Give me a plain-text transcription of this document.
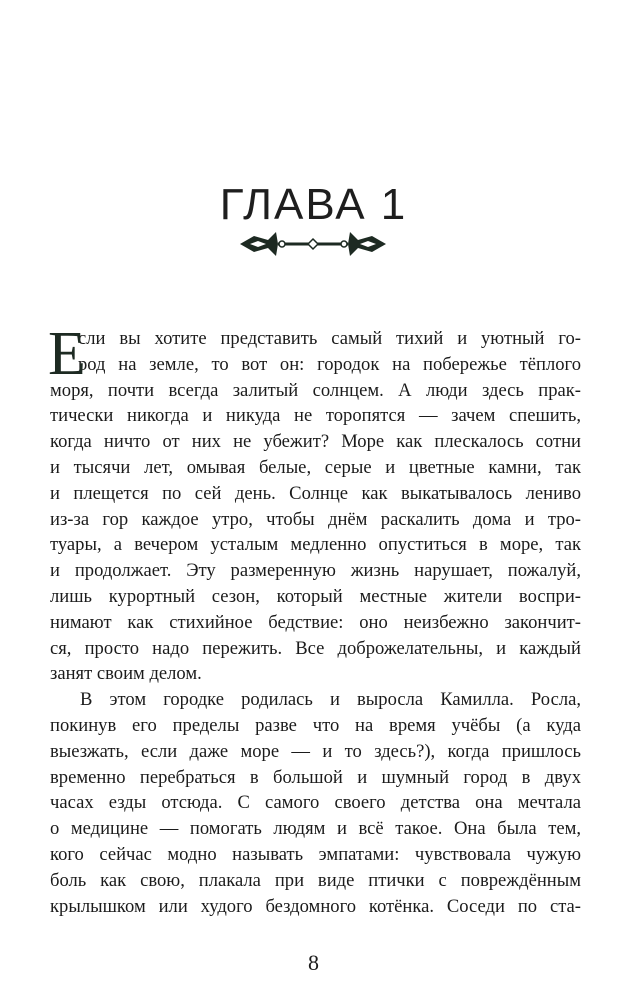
ГЛАВА 1
Е
сли вы хотите представить самый тихий и уютный го-
род на земле, то вот он: городок на побережье тёплого
моря, почти всегда залитый солнцем. А люди здесь прак-
тически никогда и никуда не торопятся — зачем спешить,
когда ничто от них не убежит? Море как плескалось сотни
и тысячи лет, омывая белые, серые и цветные камни, так
и плещется по сей день. Солнце как выкатывалось лениво
из-за гор каждое утро, чтобы днём раскалить дома и тро-
туары, а вечером усталым медленно опуститься в море, так
и продолжает. Эту размеренную жизнь нарушает, пожалуй,
лишь курортный сезон, который местные жители воспри-
нимают как стихийное бедствие: оно неизбежно закончит-
ся, просто надо пережить. Все доброжелательны, и каждый
занят своим делом.
В этом городке родилась и выросла Камилла. Росла,
покинув его пределы разве что на время учёбы (а куда
выезжать, если даже море — и то здесь?), когда пришлось
временно перебраться в большой и шумный город в двух
часах езды отсюда. С самого своего детства она мечтала
о медицине — помогать людям и всё такое. Она была тем,
кого сейчас модно называть эмпатами: чувствовала чужую
боль как свою, плакала при виде птички с повреждённым
крылышком или худого бездомного котёнка. Соседи по ста-
8
